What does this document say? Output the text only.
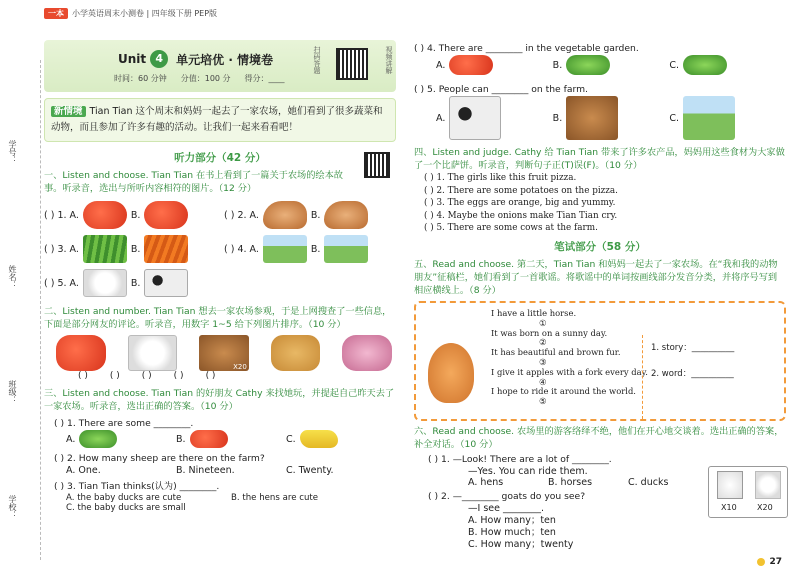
学号：
姓名：
班级：
学校：
一本	小学英语周末小测卷 | 四年级下册 PEP版
Unit 4	单元培优 · 情境卷
时间：60 分钟 分值：100 分 得分：____
视频讲解
扫码答题
新情境 Tian Tian 这个周末和妈妈一起去了一家农场，她们看到了很多蔬菜和动物，而且参加了许多有趣的活动。让我们一起来看看吧！
听力部分（42 分）
一、Listen and choose. Tian Tian 在书上看到了一篇关于农场的绘本故事。听录音，选出与所听内容相符的图片。（12 分）
( ) 1. A.	B.	( ) 2. A.	B.
( ) 3. A.	B.	( ) 4. A.	B.
( ) 5. A.	B.
二、Listen and number. Tian Tian 想去一家农场参观，于是上网搜查了一些信息，下面是部分网友的评论。听录音，用数字 1~5 给下列图片排序。（10 分）
X20
( ) ( ) ( ) ( ) ( )
三、Listen and choose. Tian Tian 的好朋友 Cathy 来找她玩，并提起自己昨天去了一家农场。听录音，选出正确的答案。（10 分）
( ) 1. There are some ________.
A.	B.	C.
( ) 2. How many sheep are there on the farm?
A. One.	B. Nineteen.	C. Twenty.
( ) 3. Tian Tian thinks(认为) ________.
A. the baby ducks are cute	B. the hens are cute
C. the baby ducks are small
( ) 4. There are ________ in the vegetable garden.
A.	B.	C.
( ) 5. People can ________ on the farm.
A.	B.	C.
四、Listen and judge. Cathy 给 Tian Tian 带来了许多农产品，妈妈用这些食材为大家做了一个比萨饼。听录音，判断句子正(T)误(F)。（10 分）
( ) 1. The girls like this fruit pizza.
( ) 2. There are some potatoes on the pizza.
( ) 3. The eggs are orange, big and yummy.
( ) 4. Maybe the onions make Tian Tian cry.
( ) 5. There are some cows at the farm.
笔试部分（58 分）
五、Read and choose. 第二天，Tian Tian 和妈妈一起去了一家农场。在“我和我的动物朋友”征稿栏，她们看到了一首歌谣。将歌谣中的单词按画线部分发音分类，并将序号写到相应横线上。（8 分）
I have a little horse.
①
It was born on a sunny day.
②
It has beautiful and brown fur.
③
I give it apples with a fork every day.
④
I hope to ride it around the world.
⑤
1. story：__________
2. word：__________
六、Read and choose. 农场里的游客络绎不绝，他们在开心地交谈着。选出正确的答案，补全对话。（10 分）
( ) 1. —Look! There are a lot of ________.
—Yes. You can ride them.
A. hens	B. horses	C. ducks
( ) 2. —________ goats do you see?
—I see ________.
A. How many；ten
B. How much；ten
C. How many；twenty
X10	X20
27
